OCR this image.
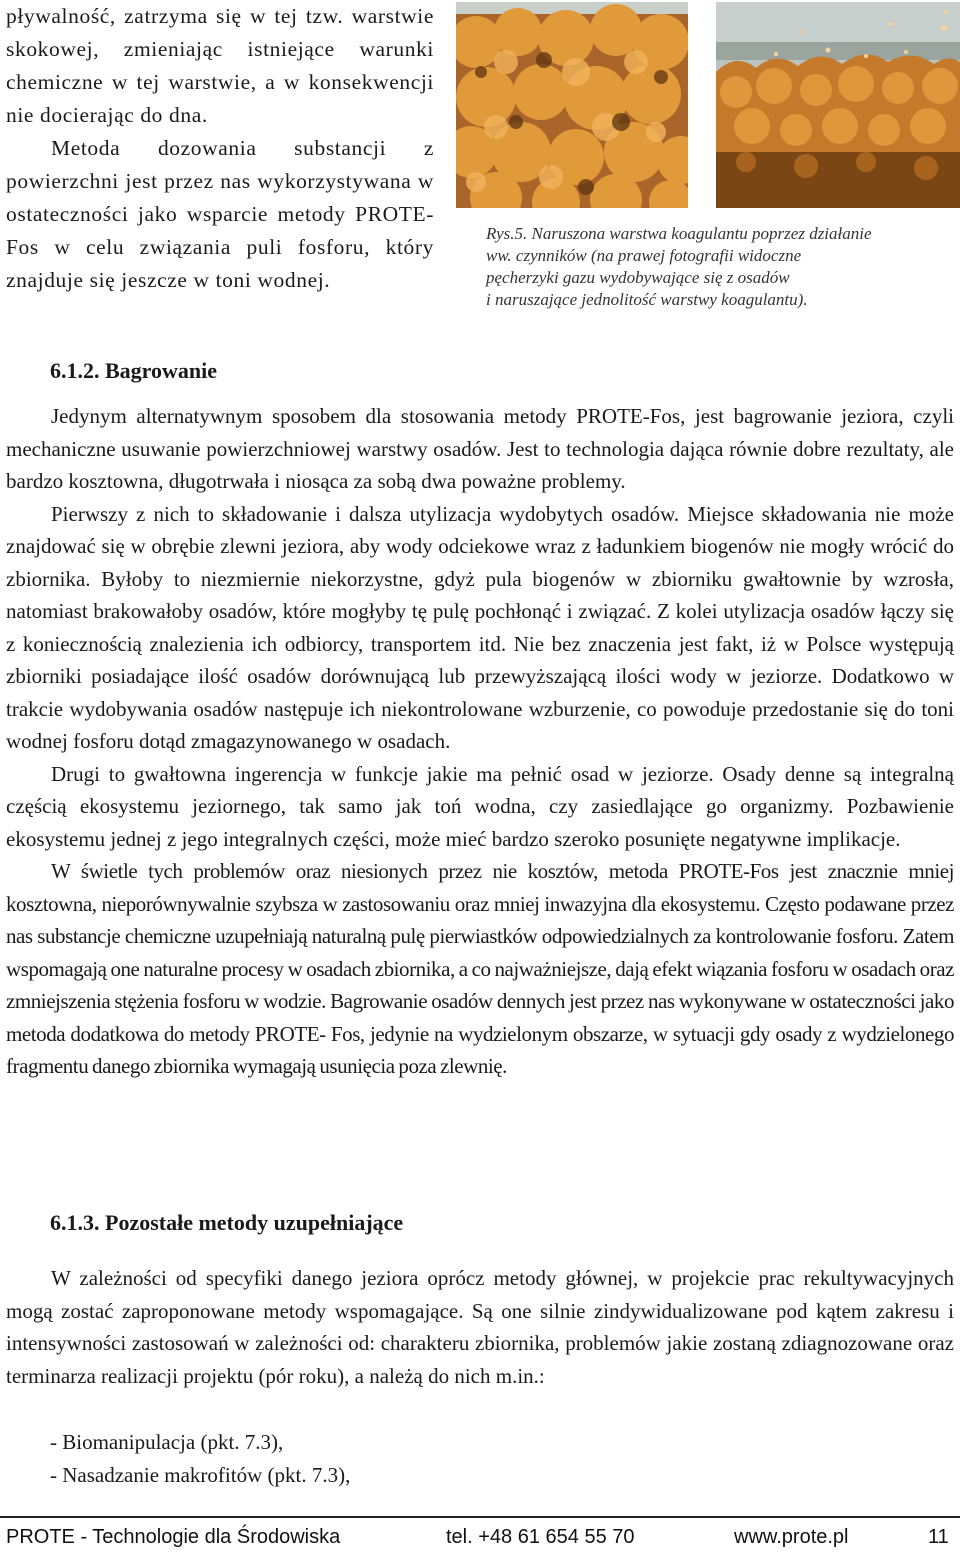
pływalność, zatrzyma się w tej tzw. warstwie skokowej, zmieniając istniejące warunki chemiczne w tej warstwie, a w konsekwencji nie docierając do dna.

Metoda dozowania substancji z powierzchni jest przez nas wykorzystywana w ostateczności jako wsparcie metody PROTE-Fos w celu związania puli fosforu, który znajduje się jeszcze w toni wodnej.

Rys.5. Naruszona warstwa koagulantu poprzez działanie
ww. czynników (na prawej fotografii widoczne
pęcherzyki gazu wydobywające się z osadów
i naruszające jednolitość warstwy koagulantu).
6.1.2. Bagrowanie

Jedynym alternatywnym sposobem dla stosowania metody PROTE-Fos, jest bagrowanie jeziora, czyli mechaniczne usuwanie powierzchniowej warstwy osadów. Jest to technologia dająca równie dobre rezultaty, ale bardzo kosztowna, długotrwała i niosąca za sobą dwa poważne problemy.

Pierwszy z nich to składowanie i dalsza utylizacja wydobytych osadów. Miejsce składowania nie może znajdować się w obrębie zlewni jeziora, aby wody odciekowe wraz z ładunkiem biogenów nie mogły wrócić do zbiornika. Byłoby to niezmiernie niekorzystne, gdyż pula biogenów w zbiorniku gwałtownie by wzrosła, natomiast brakowałoby osadów, które mogłyby tę pulę pochłonąć i związać. Z kolei utylizacja osadów łączy się z koniecznością znalezienia ich odbiorcy, transportem itd. Nie bez znaczenia jest fakt, iż w Polsce występują zbiorniki posiadające ilość osadów dorównującą lub przewyższającą ilości wody w jeziorze. Dodatkowo w trakcie wydobywania osadów następuje ich niekontrolowane wzburzenie, co powoduje przedostanie się do toni wodnej fosforu dotąd zmagazynowanego w osadach.

Drugi to gwałtowna ingerencja w funkcje jakie ma pełnić osad w jeziorze. Osady denne są integralną częścią ekosystemu jeziornego, tak samo jak toń wodna, czy zasiedlające go organizmy. Pozbawienie ekosystemu jednej z jego integralnych części, może mieć bardzo szeroko posunięte negatywne implikacje.

W świetle tych problemów oraz niesionych przez nie kosztów, metoda PROTE-Fos jest znacznie mniej kosztowna, nieporównywalnie szybsza w zastosowaniu oraz mniej inwazyjna dla ekosystemu. Często podawane przez nas substancje chemiczne uzupełniają naturalną pulę pierwiastków odpowiedzialnych za kontrolowanie fosforu. Zatem wspomagają one naturalne procesy w osadach zbiornika, a co najważniejsze, dają efekt wiązania fosforu w osadach oraz zmniejszenia stężenia fosforu w wodzie. Bagrowanie osadów dennych jest przez nas wykonywane w ostateczności jako metoda dodatkowa do metody PROTE- Fos, jedynie na wydzielonym obszarze, w sytuacji gdy osady z wydzielonego fragmentu danego zbiornika wymagają usunięcia poza zlewnię.

6.1.3. Pozostałe metody uzupełniające

W zależności od specyfiki danego jeziora oprócz metody głównej, w projekcie prac rekultywacyjnych mogą zostać zaproponowane metody wspomagające. Są one silnie zindywidualizowane pod kątem zakresu i intensywności zastosowań w zależności od: charakteru zbiornika, problemów jakie zostaną zdiagnozowane oraz terminarza realizacji projektu (pór roku), a należą do nich m.in.:

- Biomanipulacja (pkt. 7.3),
- Nasadzanie makrofitów (pkt. 7.3),
PROTE - Technologie dla Środowiska	tel. +48 61 654 55 70	www.prote.pl	11
